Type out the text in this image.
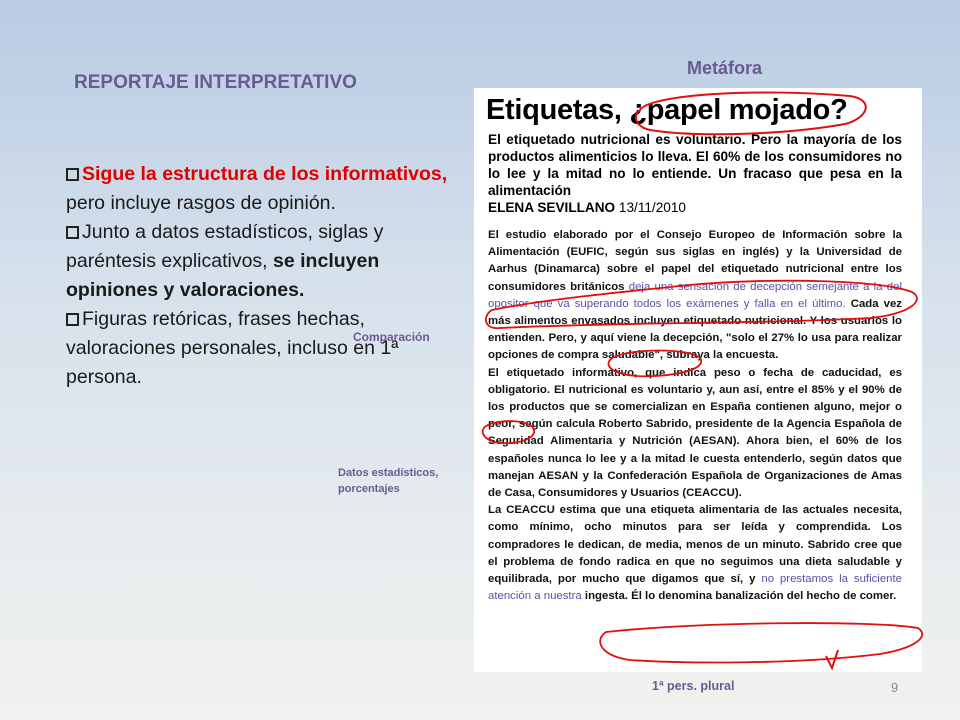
REPORTAJE INTERPRETATIVO
Metáfora
Sigue la estructura de los informativos, pero incluye rasgos de opinión.
Junto a datos estadísticos, siglas y paréntesis explicativos, se incluyen opiniones y valoraciones.
Figuras retóricas, frases hechas, valoraciones personales, incluso en 1ª persona.
Comparación
Datos estadísticos,
porcentajes
Etiquetas, ¿papel mojado?
El etiquetado nutricional es voluntario. Pero la mayoría de los productos alimenticios lo lleva. El 60% de los consumidores no lo lee y la mitad no lo entiende. Un fracaso que pesa en la alimentación
ELENA SEVILLANO 13/11/2010

El estudio elaborado por el Consejo Europeo de Información sobre la Alimentación (EUFIC, según sus siglas en inglés) y la Universidad de Aarhus (Dinamarca) sobre el papel del etiquetado nutricional entre los consumidores británicos deja una sensación de decepción semejante a la del opositor que va superando todos los exámenes y falla en el último. Cada vez más alimentos envasados incluyen etiquetado nutricional. Y los usuarios lo entienden. Pero, y aquí viene la decepción, "solo el 27% lo usa para realizar opciones de compra saludable", subraya la encuesta.

El etiquetado informativo, que indica peso o fecha de caducidad, es obligatorio. El nutricional es voluntario y, aun así, entre el 85% y el 90% de los productos que se comercializan en España contienen alguno, mejor o peor, según calcula Roberto Sabrido, presidente de la Agencia Española de Seguridad Alimentaria y Nutrición (AESAN). Ahora bien, el 60% de los españoles nunca lo lee y a la mitad le cuesta entenderlo, según datos que manejan AESAN y la Confederación Española de Organizaciones de Amas de Casa, Consumidores y Usuarios (CEACCU).

La CEACCU estima que una etiqueta alimentaria de las actuales necesita, como mínimo, ocho minutos para ser leída y comprendida. Los compradores le dedican, de media, menos de un minuto. Sabrido cree que el problema de fondo radica en que no seguimos una dieta saludable y equilibrada, por mucho que digamos que sí, y no prestamos la suficiente atención a nuestra ingesta. Él lo denomina banalización del hecho de comer.

1ª pers. plural	9
